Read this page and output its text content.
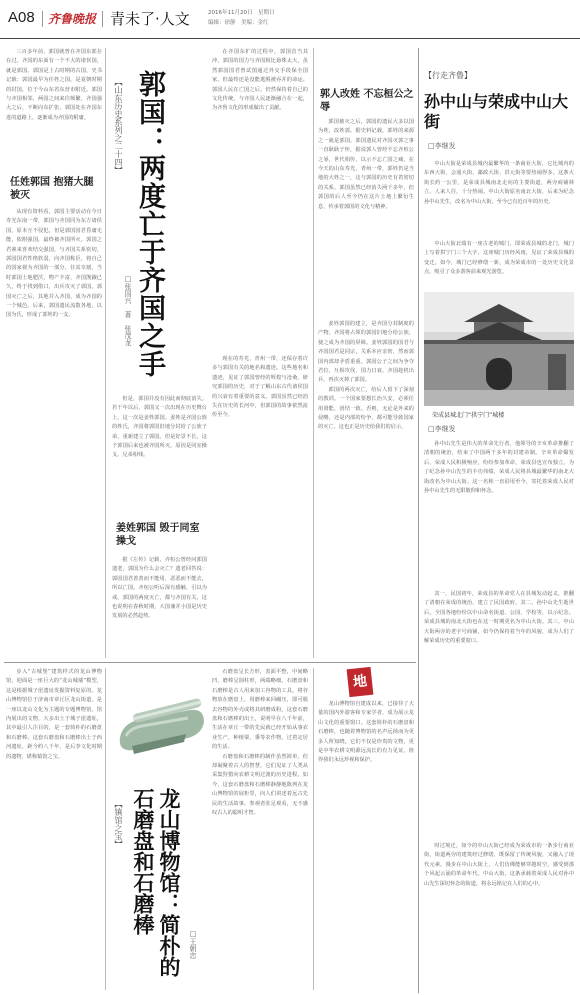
A08 齐鲁晚报 青未了·人文	2016年11月20日　星期日
编辑：徐静　美编：金红

三百多年前，郭国就曾在齐国东部存在过。齐国的东面有一个不大的诸侯国，就是郭国。郭国是上古时期的古国，史书记载：郭国最早为任姓之国，是夏朝时期的封国，位于今山东省东营市附近。郭国与齐国相邻，两国之间来往频繁，齐国强大之后，不断向东扩张，郭国处在齐国东进的道路上，逐渐成为齐国的附庸。

任姓郭国 抱猪大腿被灭

从现有资料看，郭国主要活动在今日寿光东南一带，郭国与齐国同为东方诸侯国，原本互不侵犯，但是郭国国君昏庸无能，依附强国，最终被齐国所灭。郭国之君素来喜欢结交强国，与齐国关系密切，郭国国君性格软弱，向齐国称臣，将自己的国家视为齐国的一部分，任其宰割。当时郭国土地肥沃，物产丰富，齐国觊觎已久，终于找到借口，出兵攻灭了郭国。郭国灭亡之后，其地并入齐国，成为齐国的一个城邑。后来，郭国遗民流散各地，以国为氏，形成了郭姓的一支。

【山东历史系列之二十四】 郭国：两度亡于齐国之手
□张国兴　著　张茂龙

但是，郭国并没有因此而彻底消失。若干年以后，郭国又一次出现在历史舞台上，这一次是姜姓郭国。姜姓是齐国公族的姓氏，齐国将郭国旧地分封给了公族子弟，重新建立了郭国。但是好景不长，这个郭国后来也被齐国所灭，原因是同室操戈、兄弟相残。

姜姓郭国 毁于同室操戈

据《左传》记载，齐桓公曾经问郭国遗老，郭国为什么会灭亡？遗老回答说：郭国国君善善而不能用，恶恶而不能去，所以亡国。齐桓公听后深有感触，引以为戒。郭国的两度灭亡，都与齐国有关，这也说明在春秋时期，大国兼并小国是历史发展的必然趋势。

在齐国东扩的过程中，郭国首当其冲。郭国的国力与齐国相比悬殊太大，虽然郭国国君曾试图通过外交手段保全国家，但最终还是没能逃脱被吞并的命运。郭国人民在亡国之后，仍然保持着自己的文化传统，与齐国人民逐渐融合在一起，为齐鲁文化的形成做出了贡献。

现在的寿光、青州一带，还保存着许多与郭国有关的地名和遗迹。这些地名和遗迹，见证了郭国曾经的辉煌与沧桑。研究郭国的历史，对于了解山东古代诸侯国的兴衰有着重要的意义。郭国虽然已经消失在历史的长河中，但郭国的故事依然流传至今。

郭人改姓 不忘桓公之辱

郭国被灭之后，郭国的遗民大多以国为姓，改姓郭。据史料记载，郭姓的来源之一就是郭国。郭国遗民对齐国灭郭之事一直耿耿于怀，据说郭人曾经不忘齐桓公之辱，世代相传，以示不忘亡国之痛。在今天的山东寿光、青州一带，郭姓仍是当地的大姓之一，这与郭国的历史有着密切的关系。郭国虽然已经消失两千多年，但郭国的后人至今仍在这片土地上繁衍生息，传承着郭国的文化与精神。

姜姓郭国的建立，是齐国分封制度的产物。齐国将占领的郭国旧地分给公族，使之成为齐国的屏障。姜姓郭国的国君与齐国国君是同宗，关系本应亲密，然而郭国内部却矛盾重重。郭国公子之间为争夺君位，互相攻伐，国力日衰。齐国趁机出兵，再次灭掉了郭国。

郭国的两次灭亡，给后人留下了深刻的教训。一个国家要想长治久安，必须任用贤能，团结一致。否则，无论是外来的侵略，还是内部的纷争，都可能导致国家的灭亡。这也正是历史给我们的启示。

【行走齐鲁】
孙中山与荣成中山大街
□李继发

中山大街是荣成县城内最繁华的一条商业大街，它比城内的东西大街、会通大街、邮政大街、洪元街等要热闹得多。这条大街长约一公里，是荣成县城南北走向的主要街道，两旁商铺林立，人来人往，十分热闹。中山大街原名南北大街，后来为纪念孙中山先生，改名为中山大街，至今已有近百年的历史。

中山大街北端有一座古老的城门，即荣成县城的北门，城门上写着拱宁门三个大字。这座城门历经风雨，见证了荣成县城的变迁。如今，城门已经修缮一新，成为荣成市的一处历史文化景点，吸引了众多游客前来观光游览。

荣成县城北门“拱宁门”城楼
□李继发

孙中山先生是伟大的革命先行者，他领导的辛亥革命推翻了清朝的统治，结束了中国两千多年的封建帝制。辛亥革命爆发后，荣成人民积极响应，纷纷参加革命，荣成县也宣布独立。为了纪念孙中山先生的丰功伟绩，荣成人民将县城最繁华的南北大街改名为中山大街。这一名称一直沿用至今，寄托着荣成人民对孙中山先生的无限敬仰和怀念。

其一，民国初年，荣成县的革命党人在县城发动起义，推翻了清朝在荣成的统治，建立了民国政府。其二，孙中山先生逝世后，全国各地纷纷以中山命名街道、公园、学校等，以示纪念。荣成县城的南北大街也在这一时期更名为中山大街。其三，中山大街两旁的老字号商铺，如今仍保持着当年的风貌，成为人们了解荣成历史的重要窗口。

时过境迁，如今的中山大街已经成为荣成市的一条步行商业街，街道两旁的建筑经过修缮，既保留了传统风貌，又融入了现代元素。漫步在中山大街上，人们仿佛能够穿越时空，感受到那个风起云涌的革命年代。中山大街，这条承载着荣成人民对孙中山先生深切怀念的街道，将永远铭记在人们的心中。

步入“古城堡”建筑样式的龙山博物馆，迎面是一座巨大的“龙山城墙”模型，这是根据城子崖遗址发掘资料复原的。龙山博物馆位于济南市章丘区龙山街道，是一座以龙山文化为主题的专题博物馆。馆内展出的文物，大多出土于城子崖遗址，其中最引人注目的，是一套简朴的石磨盘和石磨棒。这套石磨盘和石磨棒出土于西河遗址，距今约八千年，是后李文化时期的遗物，堪称镇馆之宝。

【镇馆之宝】	龙山博物馆：简朴的石磨盘和石磨棒
□王朝忠

石磨盘呈长方形，表面平整，中间略凹，磨棒呈圆柱形，两端略细。石磨盘和石磨棒是古人用来加工谷物的工具，将谷物放在磨盘上，用磨棒来回碾压，即可脱去谷物的外壳或将其研磨成粉。这套石磨盘和石磨棒的出土，说明早在八千年前，生活在章丘一带的先民就已经开始从事农业生产，种植粟、黍等农作物，过着定居的生活。

石磨盘和石磨棒的制作虽然简单，但却凝聚着古人的智慧。它们见证了人类从采集狩猎向农耕文明过渡的历史进程。如今，这套石磨盘和石磨棒静静地陈列在龙山博物馆的展柜里，向人们讲述着远古先民的生活故事。参观者驻足观看，无不感叹古人的聪明才智。

地

龙山博物馆自建成以来，已接待了大量的国内外游客和专家学者，成为展示龙山文化的重要窗口。这套简朴的石磨盘和石磨棒，也随着博物馆的名声远扬而为更多人所知晓。它们不仅是珍贵的文物，更是中华农耕文明源远流长的有力见证，值得我们永远珍视和保护。
